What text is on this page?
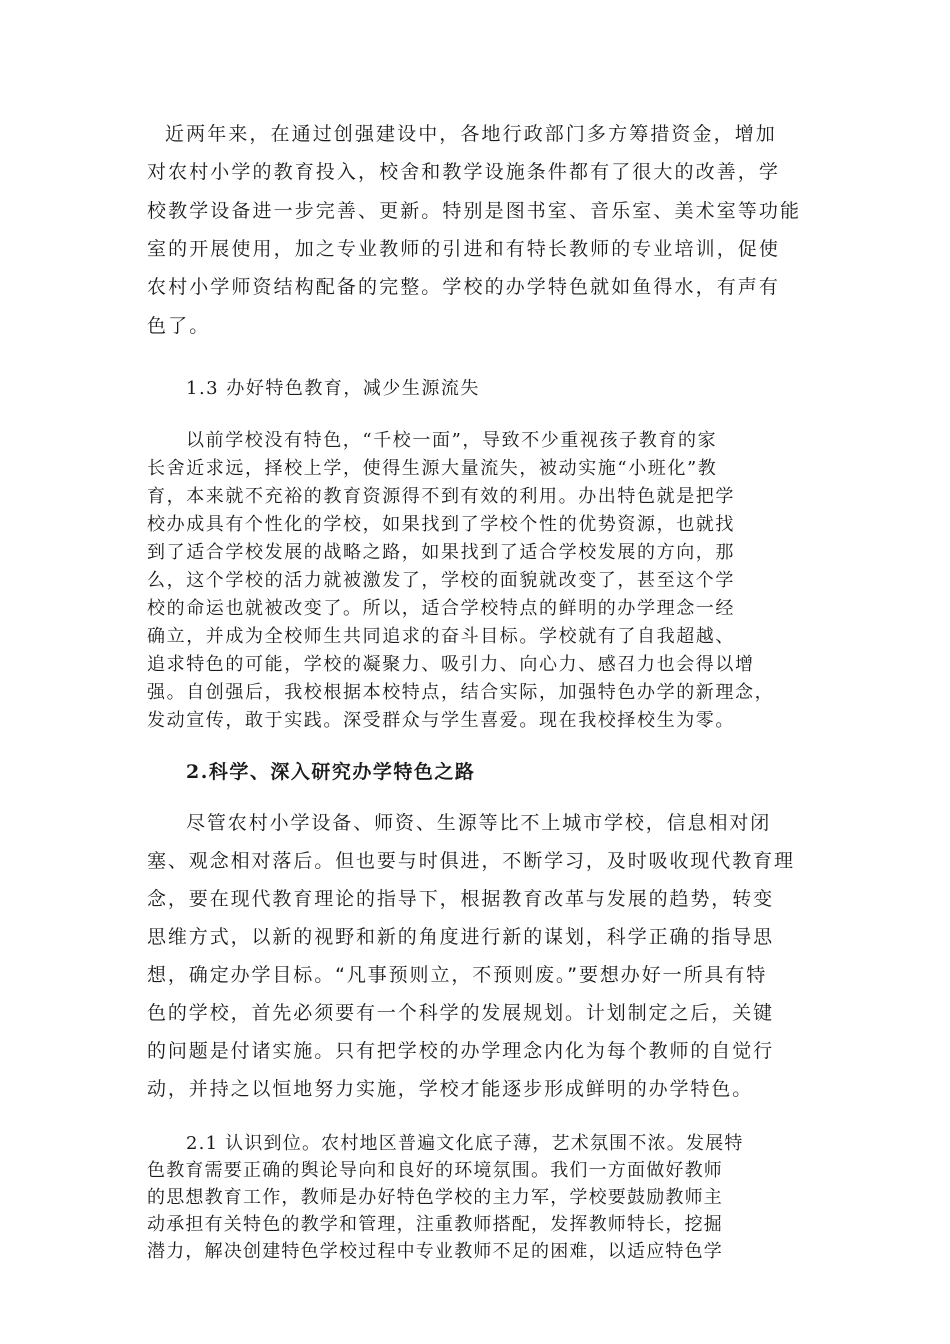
近两年来，在通过创强建设中，各地行政部门多方筹措资金，增加
对农村小学的教育投入，校舍和教学设施条件都有了很大的改善，学
校教学设备进一步完善、更新。特别是图书室、音乐室、美术室等功能
室的开展使用，加之专业教师的引进和有特长教师的专业培训，促使
农村小学师资结构配备的完整。学校的办学特色就如鱼得水，有声有
色了。
1.3 办好特色教育，减少生源流失
以前学校没有特色，“千校一面”，导致不少重视孩子教育的家
长舍近求远，择校上学，使得生源大量流失，被动实施“小班化”教
育，本来就不充裕的教育资源得不到有效的利用。办出特色就是把学
校办成具有个性化的学校，如果找到了学校个性的优势资源，也就找
到了适合学校发展的战略之路，如果找到了适合学校发展的方向，那
么，这个学校的活力就被激发了，学校的面貌就改变了，甚至这个学
校的命运也就被改变了。所以，适合学校特点的鲜明的办学理念一经
确立，并成为全校师生共同追求的奋斗目标。学校就有了自我超越、
追求特色的可能，学校的凝聚力、吸引力、向心力、感召力也会得以增
强。自创强后，我校根据本校特点，结合实际，加强特色办学的新理念，
发动宣传，敢于实践。深受群众与学生喜爱。现在我校择校生为零。
2.科学、深入研究办学特色之路
尽管农村小学设备、师资、生源等比不上城市学校，信息相对闭
塞、观念相对落后。但也要与时俱进，不断学习，及时吸收现代教育理
念，要在现代教育理论的指导下，根据教育改革与发展的趋势，转变
思维方式，以新的视野和新的角度进行新的谋划，科学正确的指导思
想，确定办学目标。“凡事预则立，不预则废。”要想办好一所具有特
色的学校，首先必须要有一个科学的发展规划。计划制定之后，关键
的问题是付诸实施。只有把学校的办学理念内化为每个教师的自觉行
动，并持之以恒地努力实施，学校才能逐步形成鲜明的办学特色。
2.1 认识到位。农村地区普遍文化底子薄，艺术氛围不浓。发展特
色教育需要正确的舆论导向和良好的环境氛围。我们一方面做好教师
的思想教育工作，教师是办好特色学校的主力军，学校要鼓励教师主
动承担有关特色的教学和管理，注重教师搭配，发挥教师特长，挖掘
潜力，解决创建特色学校过程中专业教师不足的困难，以适应特色学
